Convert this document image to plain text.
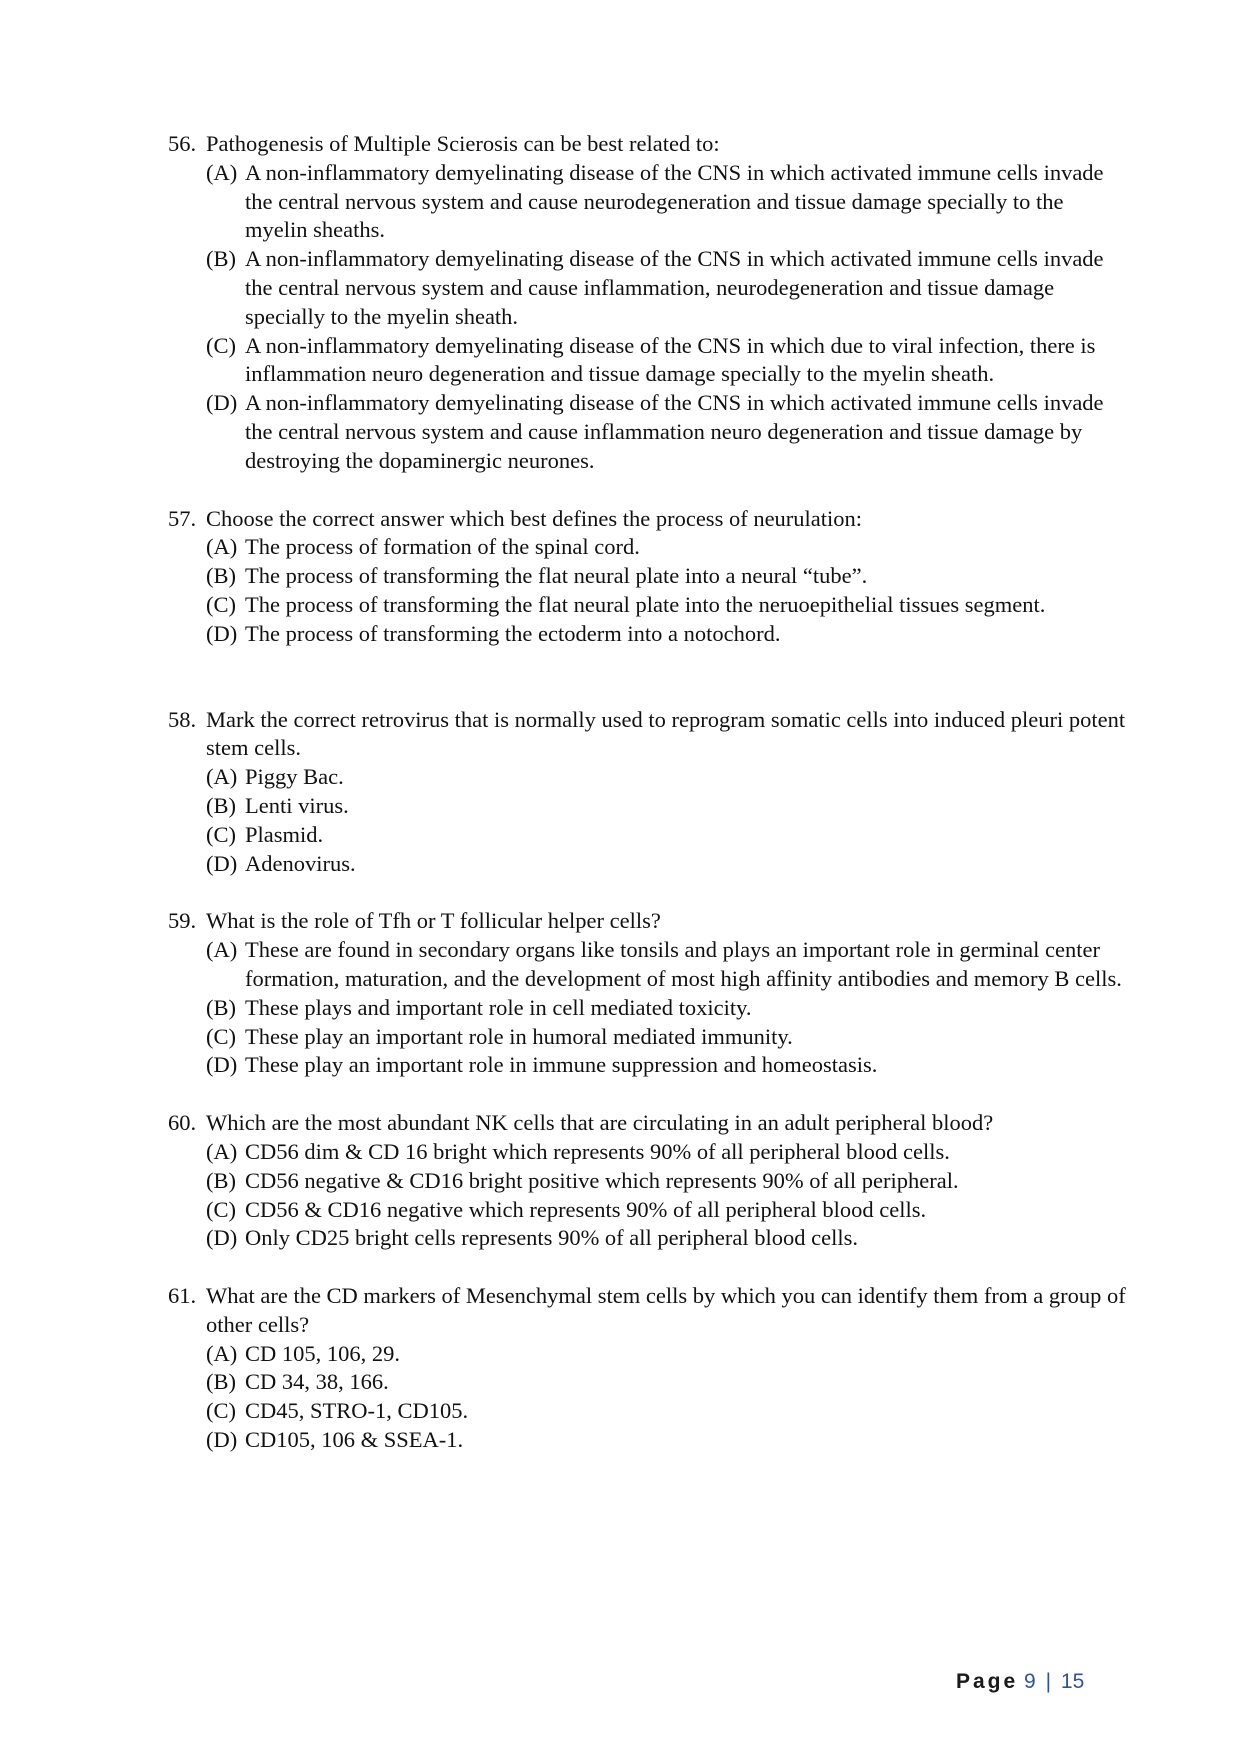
56. Pathogenesis of Multiple Scierosis can be best related to:
(A) A non-inflammatory demyelinating disease of the CNS in which activated immune cells invade the central nervous system and cause neurodegeneration and tissue damage specially to the myelin sheaths.
(B) A non-inflammatory demyelinating disease of the CNS in which activated immune cells invade the central nervous system and cause inflammation, neurodegeneration and tissue damage specially to the myelin sheath.
(C) A non-inflammatory demyelinating disease of the CNS in which due to viral infection, there is inflammation neuro degeneration and tissue damage specially to the myelin sheath.
(D) A non-inflammatory demyelinating disease of the CNS in which activated immune cells invade the central nervous system and cause inflammation neuro degeneration and tissue damage by destroying the dopaminergic neurones.
57. Choose the correct answer which best defines the process of neurulation:
(A) The process of formation of the spinal cord.
(B) The process of transforming the flat neural plate into a neural “tube”.
(C) The process of transforming the flat neural plate into the neruoepithelial tissues segment.
(D) The process of transforming the ectoderm into a notochord.
58. Mark the correct retrovirus that is normally used to reprogram somatic cells into induced pleuri potent stem cells.
(A) Piggy Bac.
(B) Lenti virus.
(C) Plasmid.
(D) Adenovirus.
59. What is the role of Tfh or T follicular helper cells?
(A) These are found in secondary organs like tonsils and plays an important role in germinal center formation, maturation, and the development of most high affinity antibodies and memory B cells.
(B) These plays and important role in cell mediated toxicity.
(C) These play an important role in humoral mediated immunity.
(D) These play an important role in immune suppression and homeostasis.
60. Which are the most abundant NK cells that are circulating in an adult peripheral blood?
(A) CD56 dim & CD 16 bright which represents 90% of all peripheral blood cells.
(B) CD56 negative & CD16 bright positive which represents 90% of all peripheral.
(C) CD56 & CD16 negative which represents 90% of all peripheral blood cells.
(D) Only CD25 bright cells represents 90% of all peripheral blood cells.
61. What are the CD markers of Mesenchymal stem cells by which you can identify them from a group of other cells?
(A) CD 105, 106, 29.
(B) CD 34, 38, 166.
(C) CD45, STRO-1, CD105.
(D) CD105, 106 & SSEA-1.
Page 9 | 15
